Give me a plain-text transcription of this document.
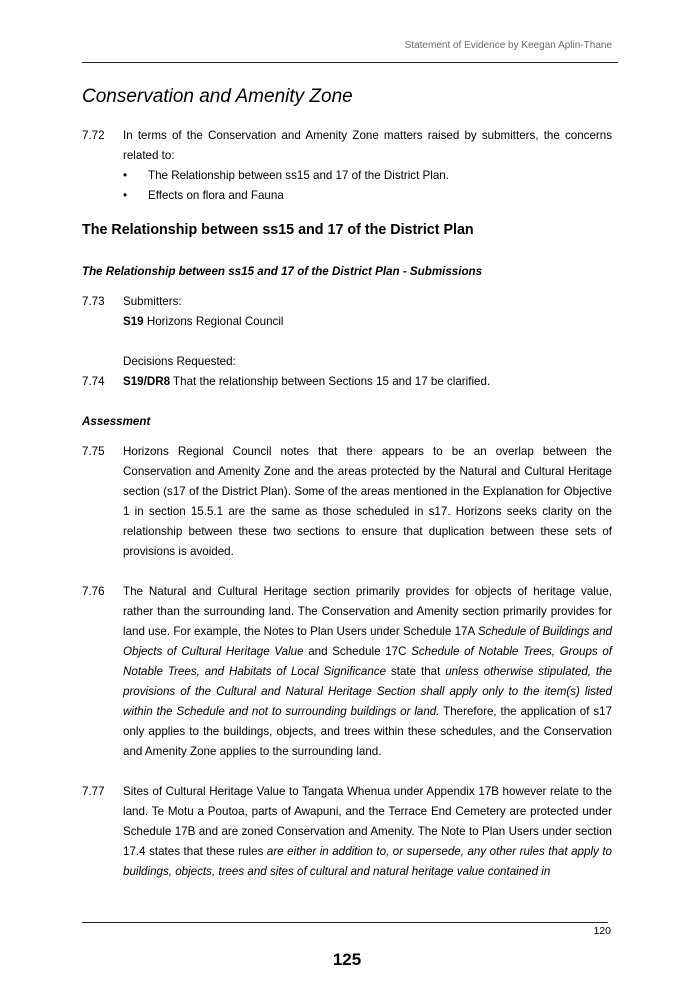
Statement of Evidence by Keegan Aplin-Thane
Conservation and Amenity Zone
7.72	In terms of the Conservation and Amenity Zone matters raised by submitters, the concerns related to:
•	The Relationship between ss15 and 17 of the District Plan.
•	Effects on flora and Fauna
The Relationship between ss15 and 17 of the District Plan
The Relationship between ss15 and 17 of the District Plan - Submissions
7.73	Submitters:
S19 Horizons Regional Council
Decisions Requested:
7.74	S19/DR8 That the relationship between Sections 15 and 17 be clarified.
Assessment
7.75	Horizons Regional Council notes that there appears to be an overlap between the Conservation and Amenity Zone and the areas protected by the Natural and Cultural Heritage section (s17 of the District Plan). Some of the areas mentioned in the Explanation for Objective 1 in section 15.5.1 are the same as those scheduled in s17. Horizons seeks clarity on the relationship between these two sections to ensure that duplication between these sets of provisions is avoided.
7.76	The Natural and Cultural Heritage section primarily provides for objects of heritage value, rather than the surrounding land. The Conservation and Amenity section primarily provides for land use. For example, the Notes to Plan Users under Schedule 17A Schedule of Buildings and Objects of Cultural Heritage Value and Schedule 17C Schedule of Notable Trees, Groups of Notable Trees, and Habitats of Local Significance state that unless otherwise stipulated, the provisions of the Cultural and Natural Heritage Section shall apply only to the item(s) listed within the Schedule and not to surrounding buildings or land. Therefore, the application of s17 only applies to the buildings, objects, and trees within these schedules, and the Conservation and Amenity Zone applies to the surrounding land.
7.77	Sites of Cultural Heritage Value to Tangata Whenua under Appendix 17B however relate to the land. Te Motu a Poutoa, parts of Awapuni, and the Terrace End Cemetery are protected under Schedule 17B and are zoned Conservation and Amenity. The Note to Plan Users under section 17.4 states that these rules are either in addition to, or supersede, any other rules that apply to buildings, objects, trees and sites of cultural and natural heritage value contained in
120
125
